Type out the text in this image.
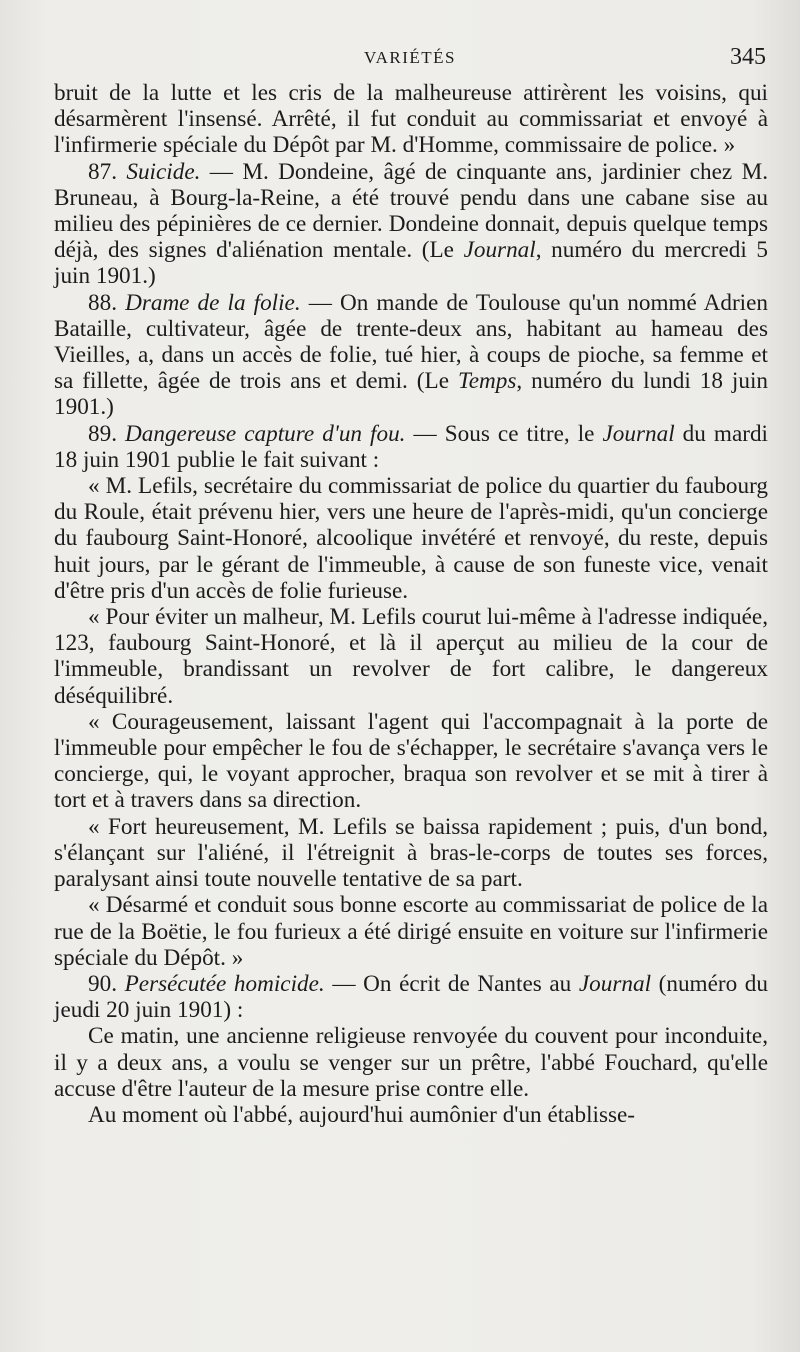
VARIÉTÉS	345

bruit de la lutte et les cris de la malheureuse attirèrent les voisins, qui désarmèrent l'insensé. Arrêté, il fut conduit au commissariat et envoyé à l'infirmerie spéciale du Dépôt par M. d'Homme, commissaire de police. »

87. Suicide. — M. Dondeine, âgé de cinquante ans, jardinier chez M. Bruneau, à Bourg-la-Reine, a été trouvé pendu dans une cabane sise au milieu des pépinières de ce dernier. Dondeine donnait, depuis quelque temps déjà, des signes d'aliénation mentale. (Le Journal, numéro du mercredi 5 juin 1901.)

88. Drame de la folie. — On mande de Toulouse qu'un nommé Adrien Bataille, cultivateur, âgée de trente-deux ans, habitant au hameau des Vieilles, a, dans un accès de folie, tué hier, à coups de pioche, sa femme et sa fillette, âgée de trois ans et demi. (Le Temps, numéro du lundi 18 juin 1901.)

89. Dangereuse capture d'un fou. — Sous ce titre, le Journal du mardi 18 juin 1901 publie le fait suivant :

« M. Lefils, secrétaire du commissariat de police du quartier du faubourg du Roule, était prévenu hier, vers une heure de l'après-midi, qu'un concierge du faubourg Saint-Honoré, alcoolique invétéré et renvoyé, du reste, depuis huit jours, par le gérant de l'immeuble, à cause de son funeste vice, venait d'être pris d'un accès de folie furieuse.

« Pour éviter un malheur, M. Lefils courut lui-même à l'adresse indiquée, 123, faubourg Saint-Honoré, et là il aperçut au milieu de la cour de l'immeuble, brandissant un revolver de fort calibre, le dangereux déséquilibré.

« Courageusement, laissant l'agent qui l'accompagnait à la porte de l'immeuble pour empêcher le fou de s'échapper, le secrétaire s'avança vers le concierge, qui, le voyant approcher, braqua son revolver et se mit à tirer à tort et à travers dans sa direction.

« Fort heureusement, M. Lefils se baissa rapidement ; puis, d'un bond, s'élançant sur l'aliéné, il l'étreignit à bras-le-corps de toutes ses forces, paralysant ainsi toute nouvelle tentative de sa part.

« Désarmé et conduit sous bonne escorte au commissariat de police de la rue de la Boëtie, le fou furieux a été dirigé ensuite en voiture sur l'infirmerie spéciale du Dépôt. »

90. Persécutée homicide. — On écrit de Nantes au Journal (numéro du jeudi 20 juin 1901) :

Ce matin, une ancienne religieuse renvoyée du couvent pour inconduite, il y a deux ans, a voulu se venger sur un prêtre, l'abbé Fouchard, qu'elle accuse d'être l'auteur de la mesure prise contre elle.

Au moment où l'abbé, aujourd'hui aumônier d'un établisse-
